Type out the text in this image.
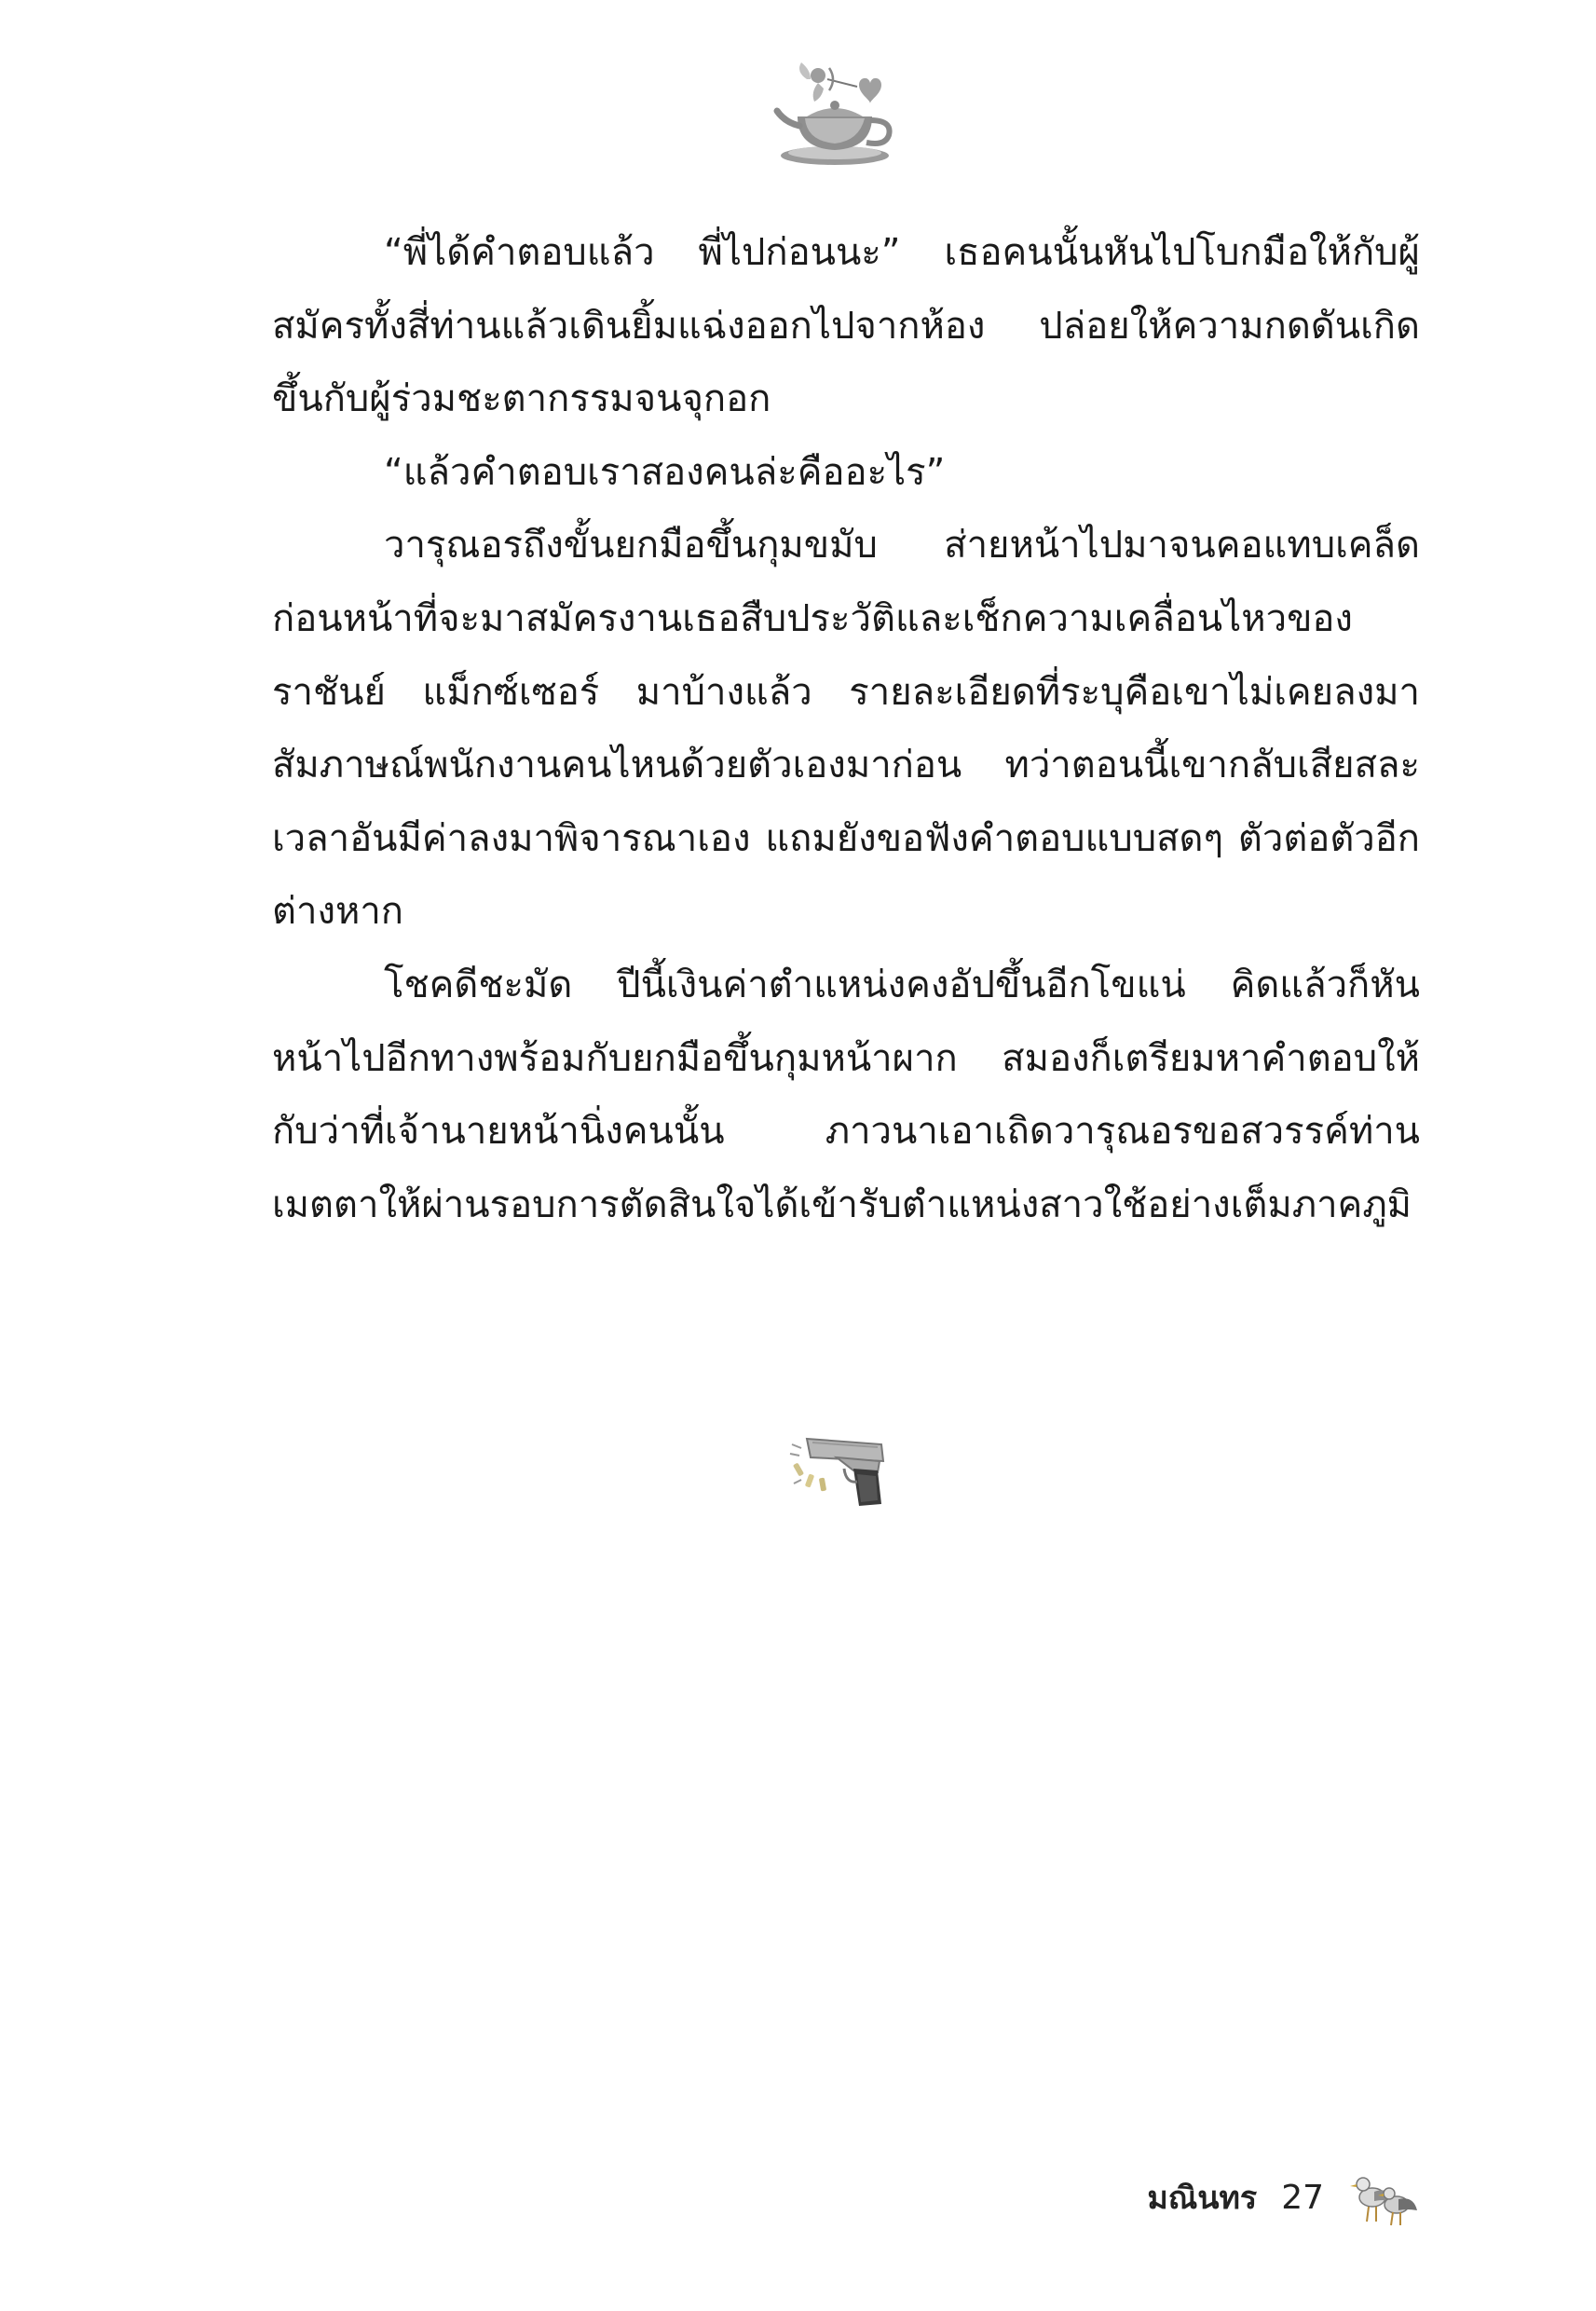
“พี่ได้คำตอบแล้ว พี่ไปก่อนนะ” เธอคนนั้นหันไปโบกมือให้กับผู้สมัครทั้งสี่ท่านแล้วเดินยิ้มแฉ่งออกไปจากห้อง ปล่อยให้ความกดดันเกิดขึ้นกับผู้ร่วมชะตากรรมจนจุกอก

“แล้วคำตอบเราสองคนล่ะคืออะไร”

วารุณอรถึงขั้นยกมือขึ้นกุมขมับ ส่ายหน้าไปมาจนคอแทบเคล็ด ก่อนหน้าที่จะมาสมัครงานเธอสืบประวัติและเช็กความเคลื่อนไหวของราชันย์ แม็กซ์เซอร์ มาบ้างแล้ว รายละเอียดที่ระบุคือเขาไม่เคยลงมาสัมภาษณ์พนักงานคนไหนด้วยตัวเองมาก่อน ทว่าตอนนี้เขากลับเสียสละเวลาอันมีค่าลงมาพิจารณาเอง แถมยังขอฟังคำตอบแบบสดๆ ตัวต่อตัวอีกต่างหาก

โชคดีชะมัด ปีนี้เงินค่าตำแหน่งคงอัปขึ้นอีกโขแน่ คิดแล้วก็หันหน้าไปอีกทางพร้อมกับยกมือขึ้นกุมหน้าผาก สมองก็เตรียมหาคำตอบให้กับว่าที่เจ้านายหน้านิ่งคนนั้น ภาวนาเอาเถิดวารุณอรขอสวรรค์ท่านเมตตาให้ผ่านรอบการตัดสินใจได้เข้ารับตำแหน่งสาวใช้อย่างเต็มภาคภูมิ

มณินทร 27
